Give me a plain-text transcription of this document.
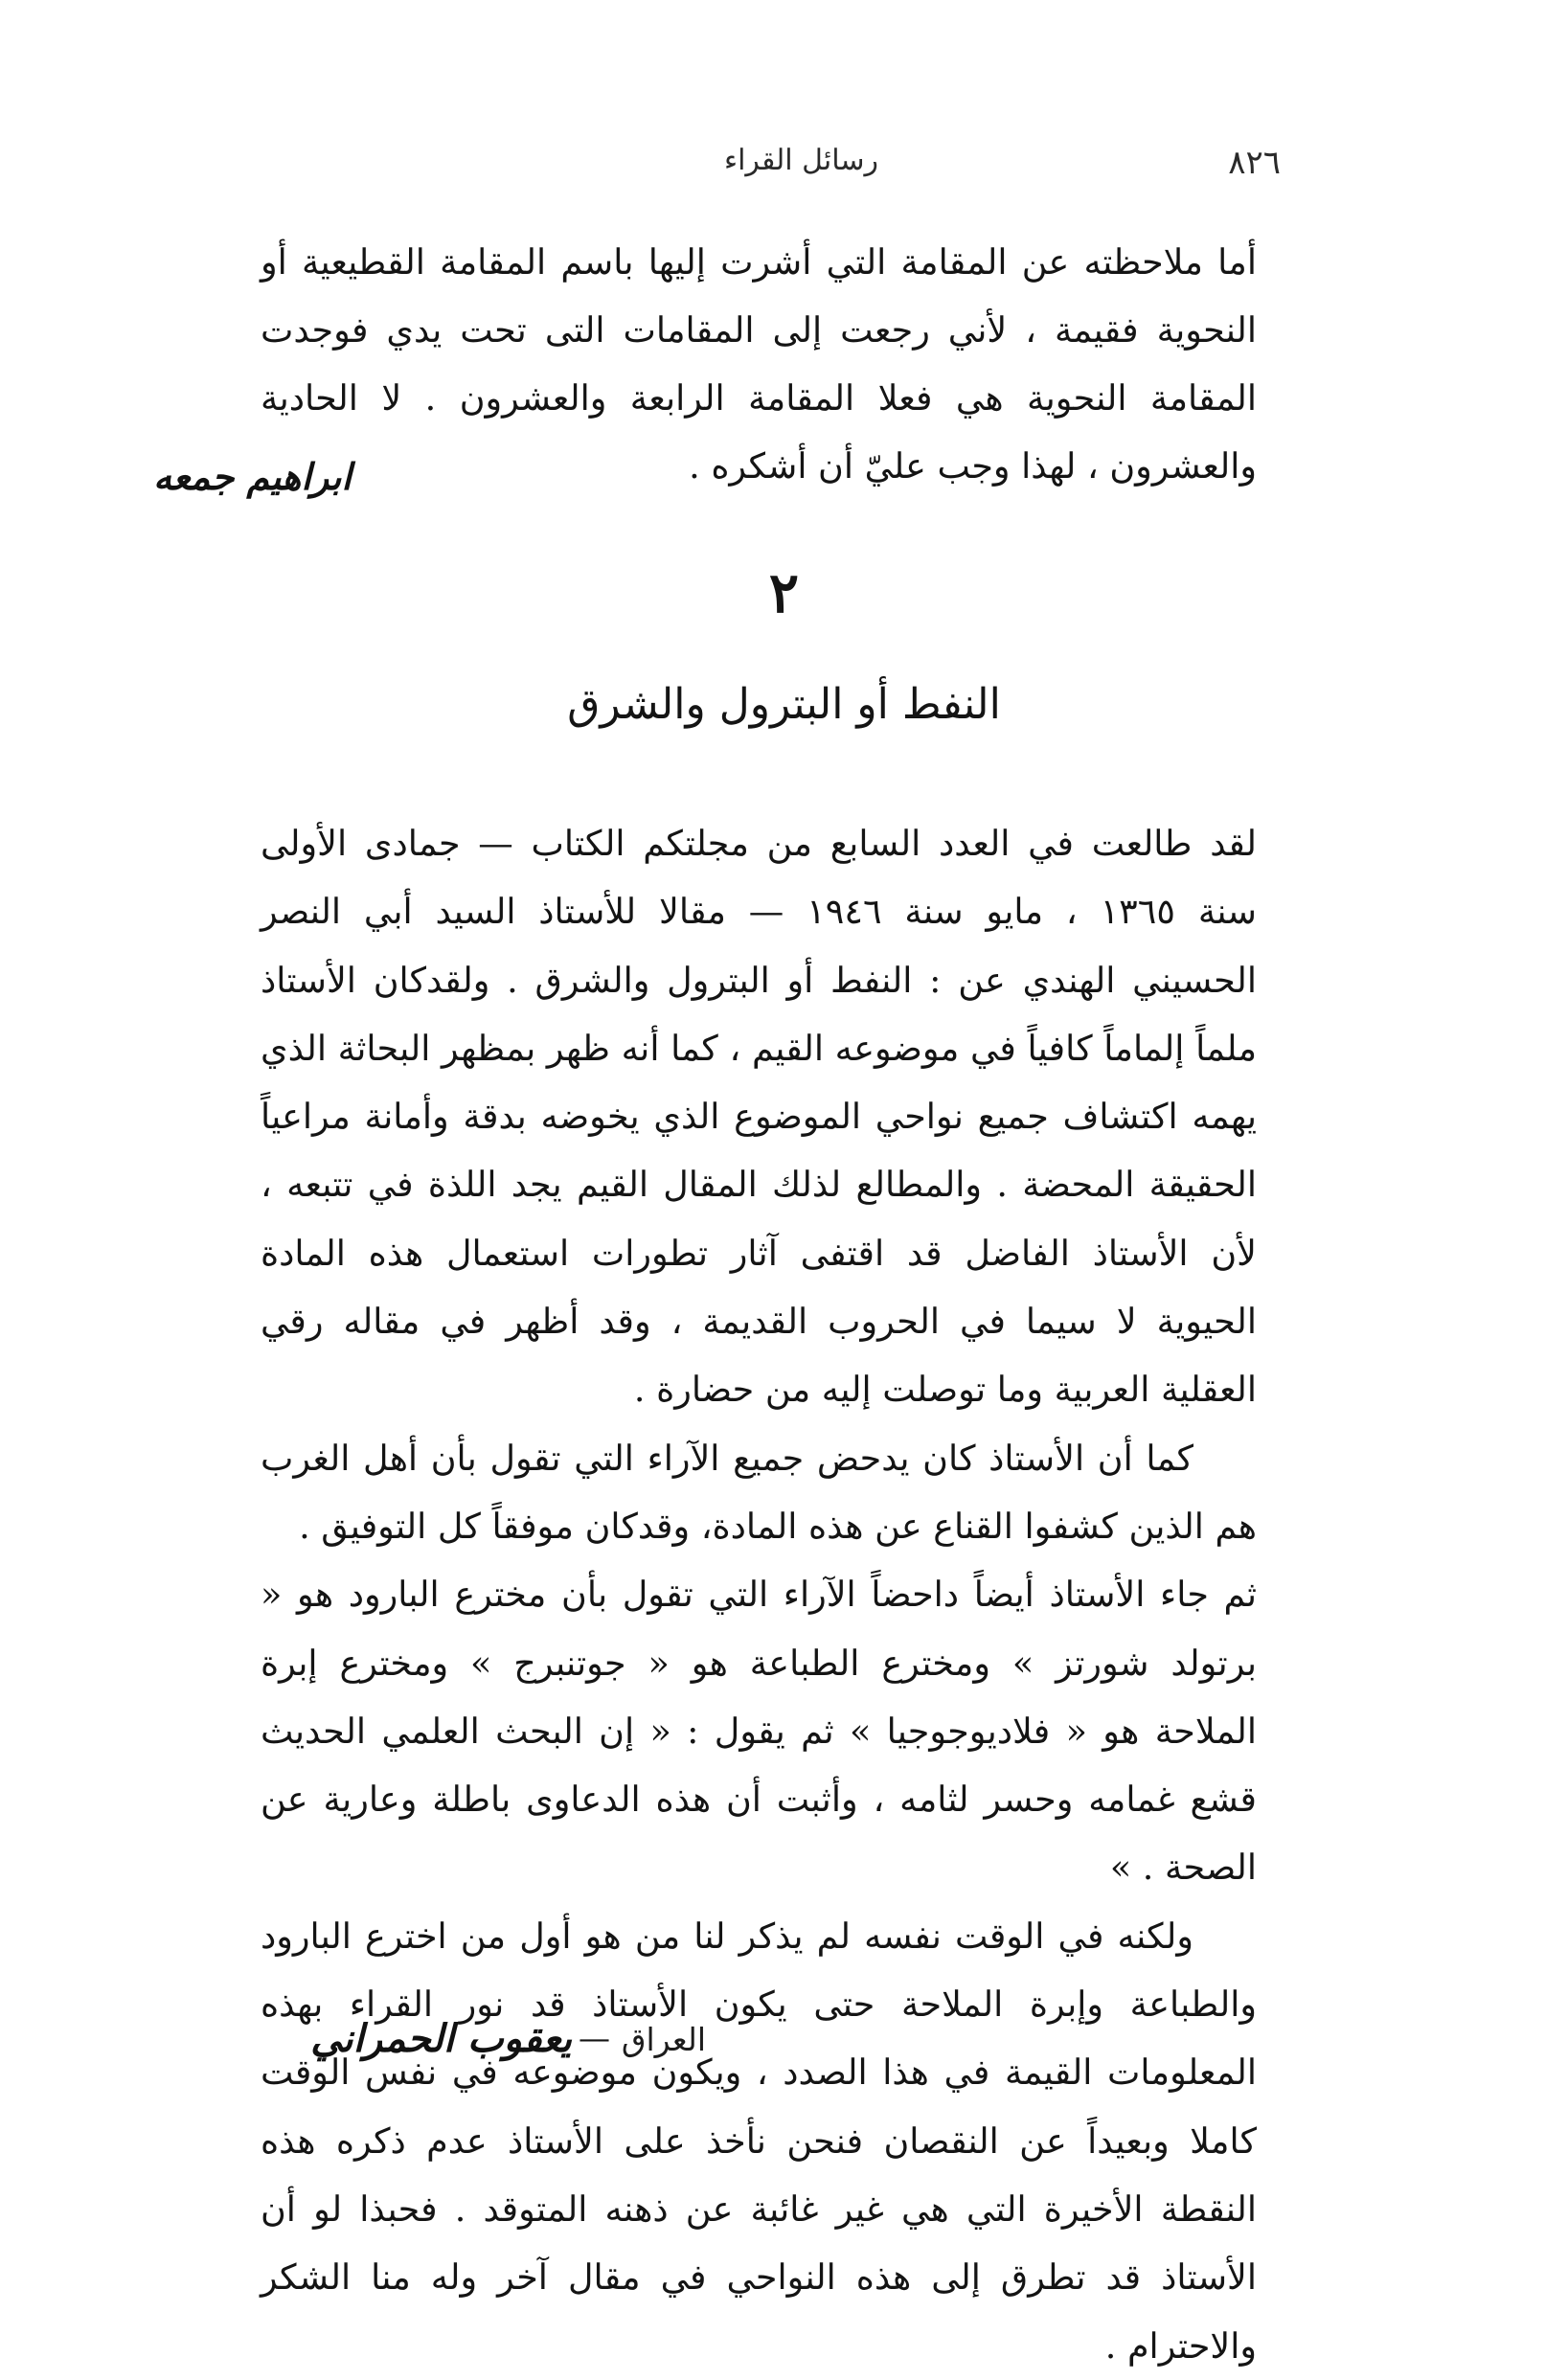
٨٢٦
رسائل القراء
أما ملاحظته عن المقامة التي أشرت إليها باسم المقامة القطيعية أو النحوية فقيمة ، لأني رجعت إلى المقامات التى تحت يدي فوجدت المقامة النحوية هي فعلا المقامة الرابعة والعشرون . لا الحادية والعشرون ، لهذا وجب عليّ أن أشكره .
ابراهيم جمعه
٢
النفط أو البترول والشرق

لقد طالعت في العدد السابع من مجلتكم الكتاب — جمادى الأولى سنة ١٣٦٥ ، مايو سنة ١٩٤٦ — مقالا للأستاذ السيد أبي النصر الحسيني الهندي عن : النفط أو البترول والشرق . ولقدكان الأستاذ ملماً إلماماً كافياً في موضوعه القيم ، كما أنه ظهر بمظهر البحاثة الذي يهمه اكتشاف جميع نواحي الموضوع الذي يخوضه بدقة وأمانة مراعياً الحقيقة المحضة . والمطالع لذلك المقال القيم يجد اللذة في تتبعه ، لأن الأستاذ الفاضل قد اقتفى آثار تطورات استعمال هذه المادة الحيوية لا سيما في الحروب القديمة ، وقد أظهر في مقاله رقي العقلية العربية وما توصلت إليه من حضارة .

كما أن الأستاذ كان يدحض جميع الآراء التي تقول بأن أهل الغرب هم الذين كشفوا القناع عن هذه المادة، وقدكان موفقاً كل التوفيق .

ثم جاء الأستاذ أيضاً داحضاً الآراء التي تقول بأن مخترع البارود هو « برتولد شورتز » ومخترع الطباعة هو « جوتنبرج » ومخترع إبرة الملاحة هو « فلاديوجوجيا » ثم يقول : « إن البحث العلمي الحديث قشع غمامه وحسر لثامه ، وأثبت أن هذه الدعاوى باطلة وعارية عن الصحة . »

ولكنه في الوقت نفسه لم يذكر لنا من هو أول من اخترع البارود والطباعة وإبرة الملاحة حتى يكون الأستاذ قد نور القراء بهذه المعلومات القيمة في هذا الصدد ، ويكون موضوعه في نفس الوقت كاملا وبعيداً عن النقصان فنحن نأخذ على الأستاذ عدم ذكره هذه النقطة الأخيرة التي هي غير غائبة عن ذهنه المتوقد . فحبذا لو أن الأستاذ قد تطرق إلى هذه النواحي في مقال آخر وله منا الشكر والاحترام .

العراق
—
يعقوب الحمراني
